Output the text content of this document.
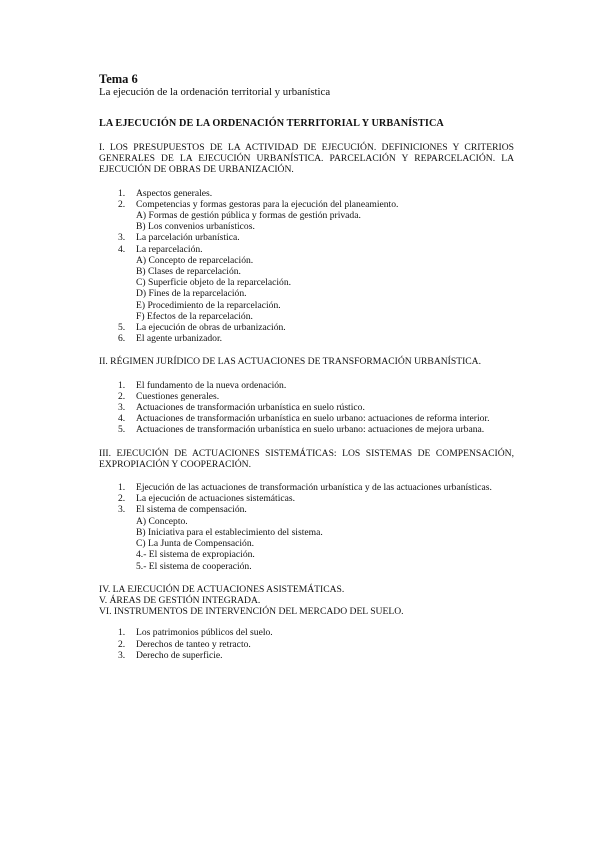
Tema 6

La ejecución de la ordenación territorial y urbanística

LA EJECUCIÓN DE LA ORDENACIÓN TERRITORIAL Y URBANÍSTICA

I. LOS PRESUPUESTOS DE LA ACTIVIDAD DE EJECUCIÓN. DEFINICIONES Y CRITERIOS GENERALES DE LA EJECUCIÓN URBANÍSTICA. PARCELACIÓN Y REPARCELACIÓN. LA EJECUCIÓN DE OBRAS DE URBANIZACIÓN.

1. Aspectos generales.
2. Competencias y formas gestoras para la ejecución del planeamiento.
A) Formas de gestión pública y formas de gestión privada.
B) Los convenios urbanísticos.
3. La parcelación urbanística.
4. La reparcelación.
A) Concepto de reparcelación.
B) Clases de reparcelación.
C) Superficie objeto de la reparcelación.
D) Fines de la reparcelación.
E) Procedimiento de la reparcelación.
F) Efectos de la reparcelación.
5. La ejecución de obras de urbanización.
6. El agente urbanizador.

II. RÉGIMEN JURÍDICO DE LAS ACTUACIONES DE TRANSFORMACIÓN URBANÍSTICA.

1. El fundamento de la nueva ordenación.
2. Cuestiones generales.
3. Actuaciones de transformación urbanística en suelo rústico.
4. Actuaciones de transformación urbanística en suelo urbano: actuaciones de reforma interior.
5. Actuaciones de transformación urbanística en suelo urbano: actuaciones de mejora urbana.

III. EJECUCIÓN DE ACTUACIONES SISTEMÁTICAS: LOS SISTEMAS DE COMPENSACIÓN, EXPROPIACIÓN Y COOPERACIÓN.

1. Ejecución de las actuaciones de transformación urbanística y de las actuaciones urbanísticas.
2. La ejecución de actuaciones sistemáticas.
3. El sistema de compensación.
A) Concepto.
B) Iniciativa para el establecimiento del sistema.
C) La Junta de Compensación.
4.- El sistema de expropiación.
5.- El sistema de cooperación.

IV. LA EJECUCIÓN DE ACTUACIONES ASISTEMÁTICAS.

V. ÁREAS DE GESTIÓN INTEGRADA.

VI. INSTRUMENTOS DE INTERVENCIÓN DEL MERCADO DEL SUELO.

1. Los patrimonios públicos del suelo.
2. Derechos de tanteo y retracto.
3. Derecho de superficie.
